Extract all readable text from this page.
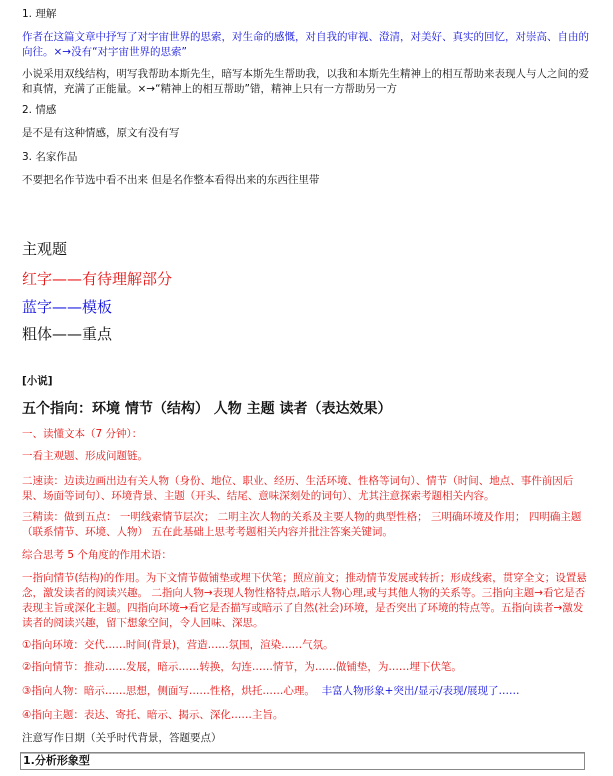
1. 理解

作者在这篇文章中抒写了对宇宙世界的思索，对生命的感慨，对自我的审视、澄清，对美好、真实的回忆，对崇高、自由的向往。×→没有“对宇宙世界的思索”

小说采用双线结构，明写我帮助本斯先生，暗写本斯先生帮助我，以我和本斯先生精神上的相互帮助来表现人与人之间的爱和真情，充满了正能量。×→“精神上的相互帮助”错，精神上只有一方帮助另一方

2. 情感

是不是有这种情感，原文有没有写

3. 名家作品

不要把名作节选中看不出来 但是名作整本看得出来的东西往里带

主观题

红字——有待理解部分

蓝字——模板

粗体——重点

[小说]

五个指向：环境 情节（结构） 人物 主题 读者（表达效果）

一、读懂文本（7 分钟）：

一看主观题、形成问题链。

二速读：边读边画出边有关人物（身份、地位、职业、经历、生活环境、性格等词句）、情节（时间、地点、事件前因后果、场面等词句）、环境背景、主题（开头、结尾、意味深刻处的词句）、尤其注意探索考题相关内容。

三精读：做到五点： 一明线索情节层次； 二明主次人物的关系及主要人物的典型性格； 三明确环境及作用； 四明确主题（联系情节、环境、人物） 五在此基础上思考考题相关内容并批注答案关键词。

综合思考 5 个角度的作用术语：

一指向情节(结构)的作用。为下文情节做铺垫或埋下伏笔；照应前文；推动情节发展或转折；形成线索，贯穿全文；设置悬念，激发读者的阅读兴趣。 二指向人物→表现人物性格特点,暗示人物心理,或与其他人物的关系等。三指向主题→看它是否表现主旨或深化主题。四指向环境→看它是否描写或暗示了自然(社会)环境，是否突出了环境的特点等。五指向读者→激发读者的阅读兴趣，留下想象空间，令人回味、深思。

①指向环境：交代……时间(背景)，营造……氛围，渲染……气氛。

②指向情节：推动……发展，暗示……转换，勾连……情节，为……做铺垫，为……埋下伏笔。

③指向人物：暗示……思想，侧面写……性格，烘托……心理。 丰富人物形象+突出/显示/表现/展现了……

④指向主题：表达、寄托、暗示、揭示、深化……主旨。

注意写作日期（关乎时代背景，答题要点）

1.分析形象型
